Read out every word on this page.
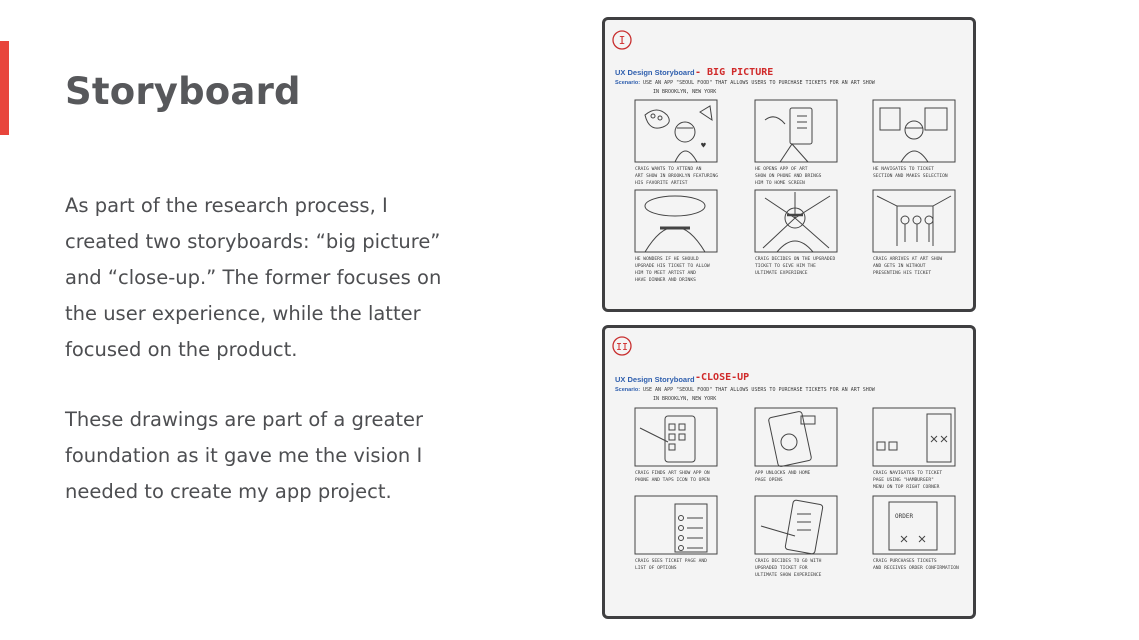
Storyboard

As part of the research process, I created two storyboards: “big picture” and “close-up.” The former focuses on the user experience, while the latter focused on the product.

These drawings are part of a greater foundation as it gave me the vision I needed to create my app project.

I
UX Design Storyboard - BIG PICTURE
Scenario: USE AN APP "SEOUL FOOD" THAT ALLOWS USERS TO PURCHASE TICKETS FOR AN ART SHOW
IN BROOKLYN, NEW YORK
♥
CRAIG WANTS TO ATTEND AN
ART SHOW IN BROOKLYN FEATURING
HIS FAVORITE ARTIST
HE OPENS APP OF ART
SHOW ON PHONE AND BRINGS
HIM TO HOME SCREEN
HE NAVIGATES TO TICKET
SECTION AND MAKES SELECTION
HE WONDERS IF HE SHOULD
UPGRADE HIS TICKET TO ALLOW
HIM TO MEET ARTIST AND
HAVE DINNER AND DRINKS
CRAIG DECIDES ON THE UPGRADED
TICKET TO GIVE HIM THE
ULTIMATE EXPERIENCE
CRAIG ARRIVES AT ART SHOW
AND GETS IN WITHOUT
PRESENTING HIS TICKET
II
UX Design Storyboard -CLOSE-UP
Scenario: USE AN APP "SEOUL FOOD" THAT ALLOWS USERS TO PURCHASE TICKETS FOR AN ART SHOW
IN BROOKLYN, NEW YORK
ORDER
CRAIG FINDS ART SHOW APP ON
PHONE AND TAPS ICON TO OPEN
APP UNLOCKS AND HOME
PAGE OPENS
CRAIG NAVIGATES TO TICKET
PAGE USING "HAMBURGER"
MENU ON TOP RIGHT CORNER
CRAIG SEES TICKET PAGE AND
LIST OF OPTIONS
CRAIG DECIDES TO GO WITH
UPGRADED TICKET FOR
ULTIMATE SHOW EXPERIENCE
CRAIG PURCHASES TICKETS
AND RECEIVES ORDER CONFIRMATION
